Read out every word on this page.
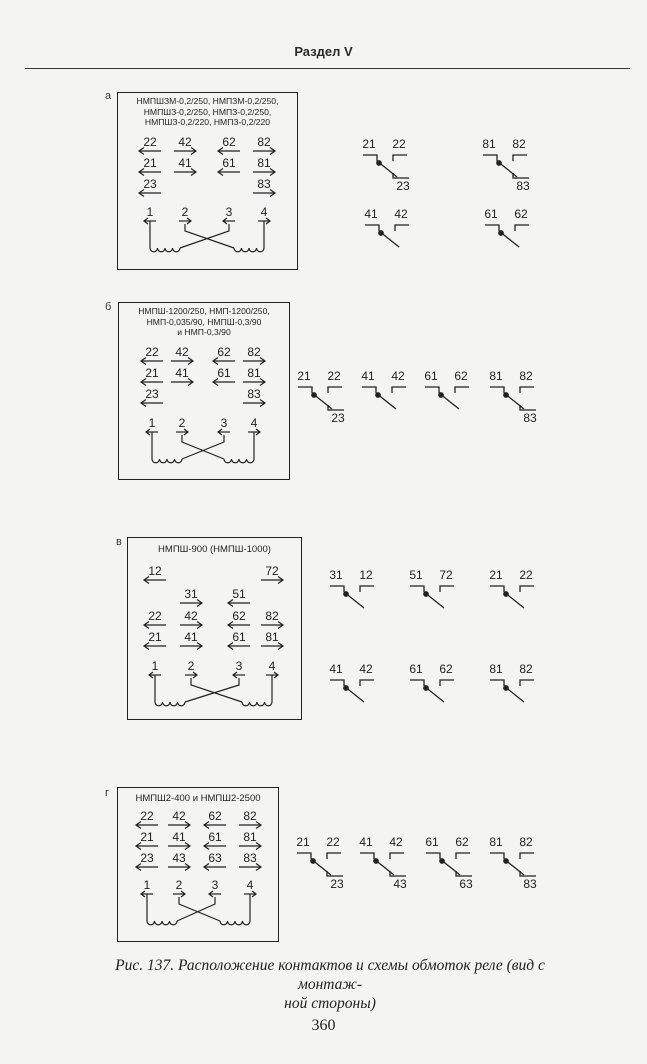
Раздел V
а
б
в
г
НМПШЗМ-0,2/250, НМПЗМ-0,2/250,
НМПШЗ-0,2/250, НМПЗ-0,2/250,
НМПШЗ-0,2/220, НМПЗ-0,2/220
НМПШ-1200/250, НМП-1200/250,
НМП-0,035/90, НМПШ-0,3/90
и НМП-0,3/90
НМПШ-900 (НМПШ-1000)
НМПШ2-400 и НМПШ2-2500
22 42	62 82
21 41	61 81
23	83
1 2	3 4
22 42 62 82
21 41 61 81
23	83
1 2	3 4
12	72
31	51
22 42	62 82
21 41	61 81
1 2	3 4
22 42 62 82
21 41 61 81
23 43 63 83
1 2 3 4
21 22
23
81 82
83
41 42	61 62
21 22
23
41 42 61 62 81 82
83
31 12	51 72	21 22
41 42	61 62	81 82
21 22
23
41 42
43
61 62
63
81 82
83
Рис. 137. Расположение контактов и схемы обмоток реле (вид с монтаж-
ной стороны)
360
